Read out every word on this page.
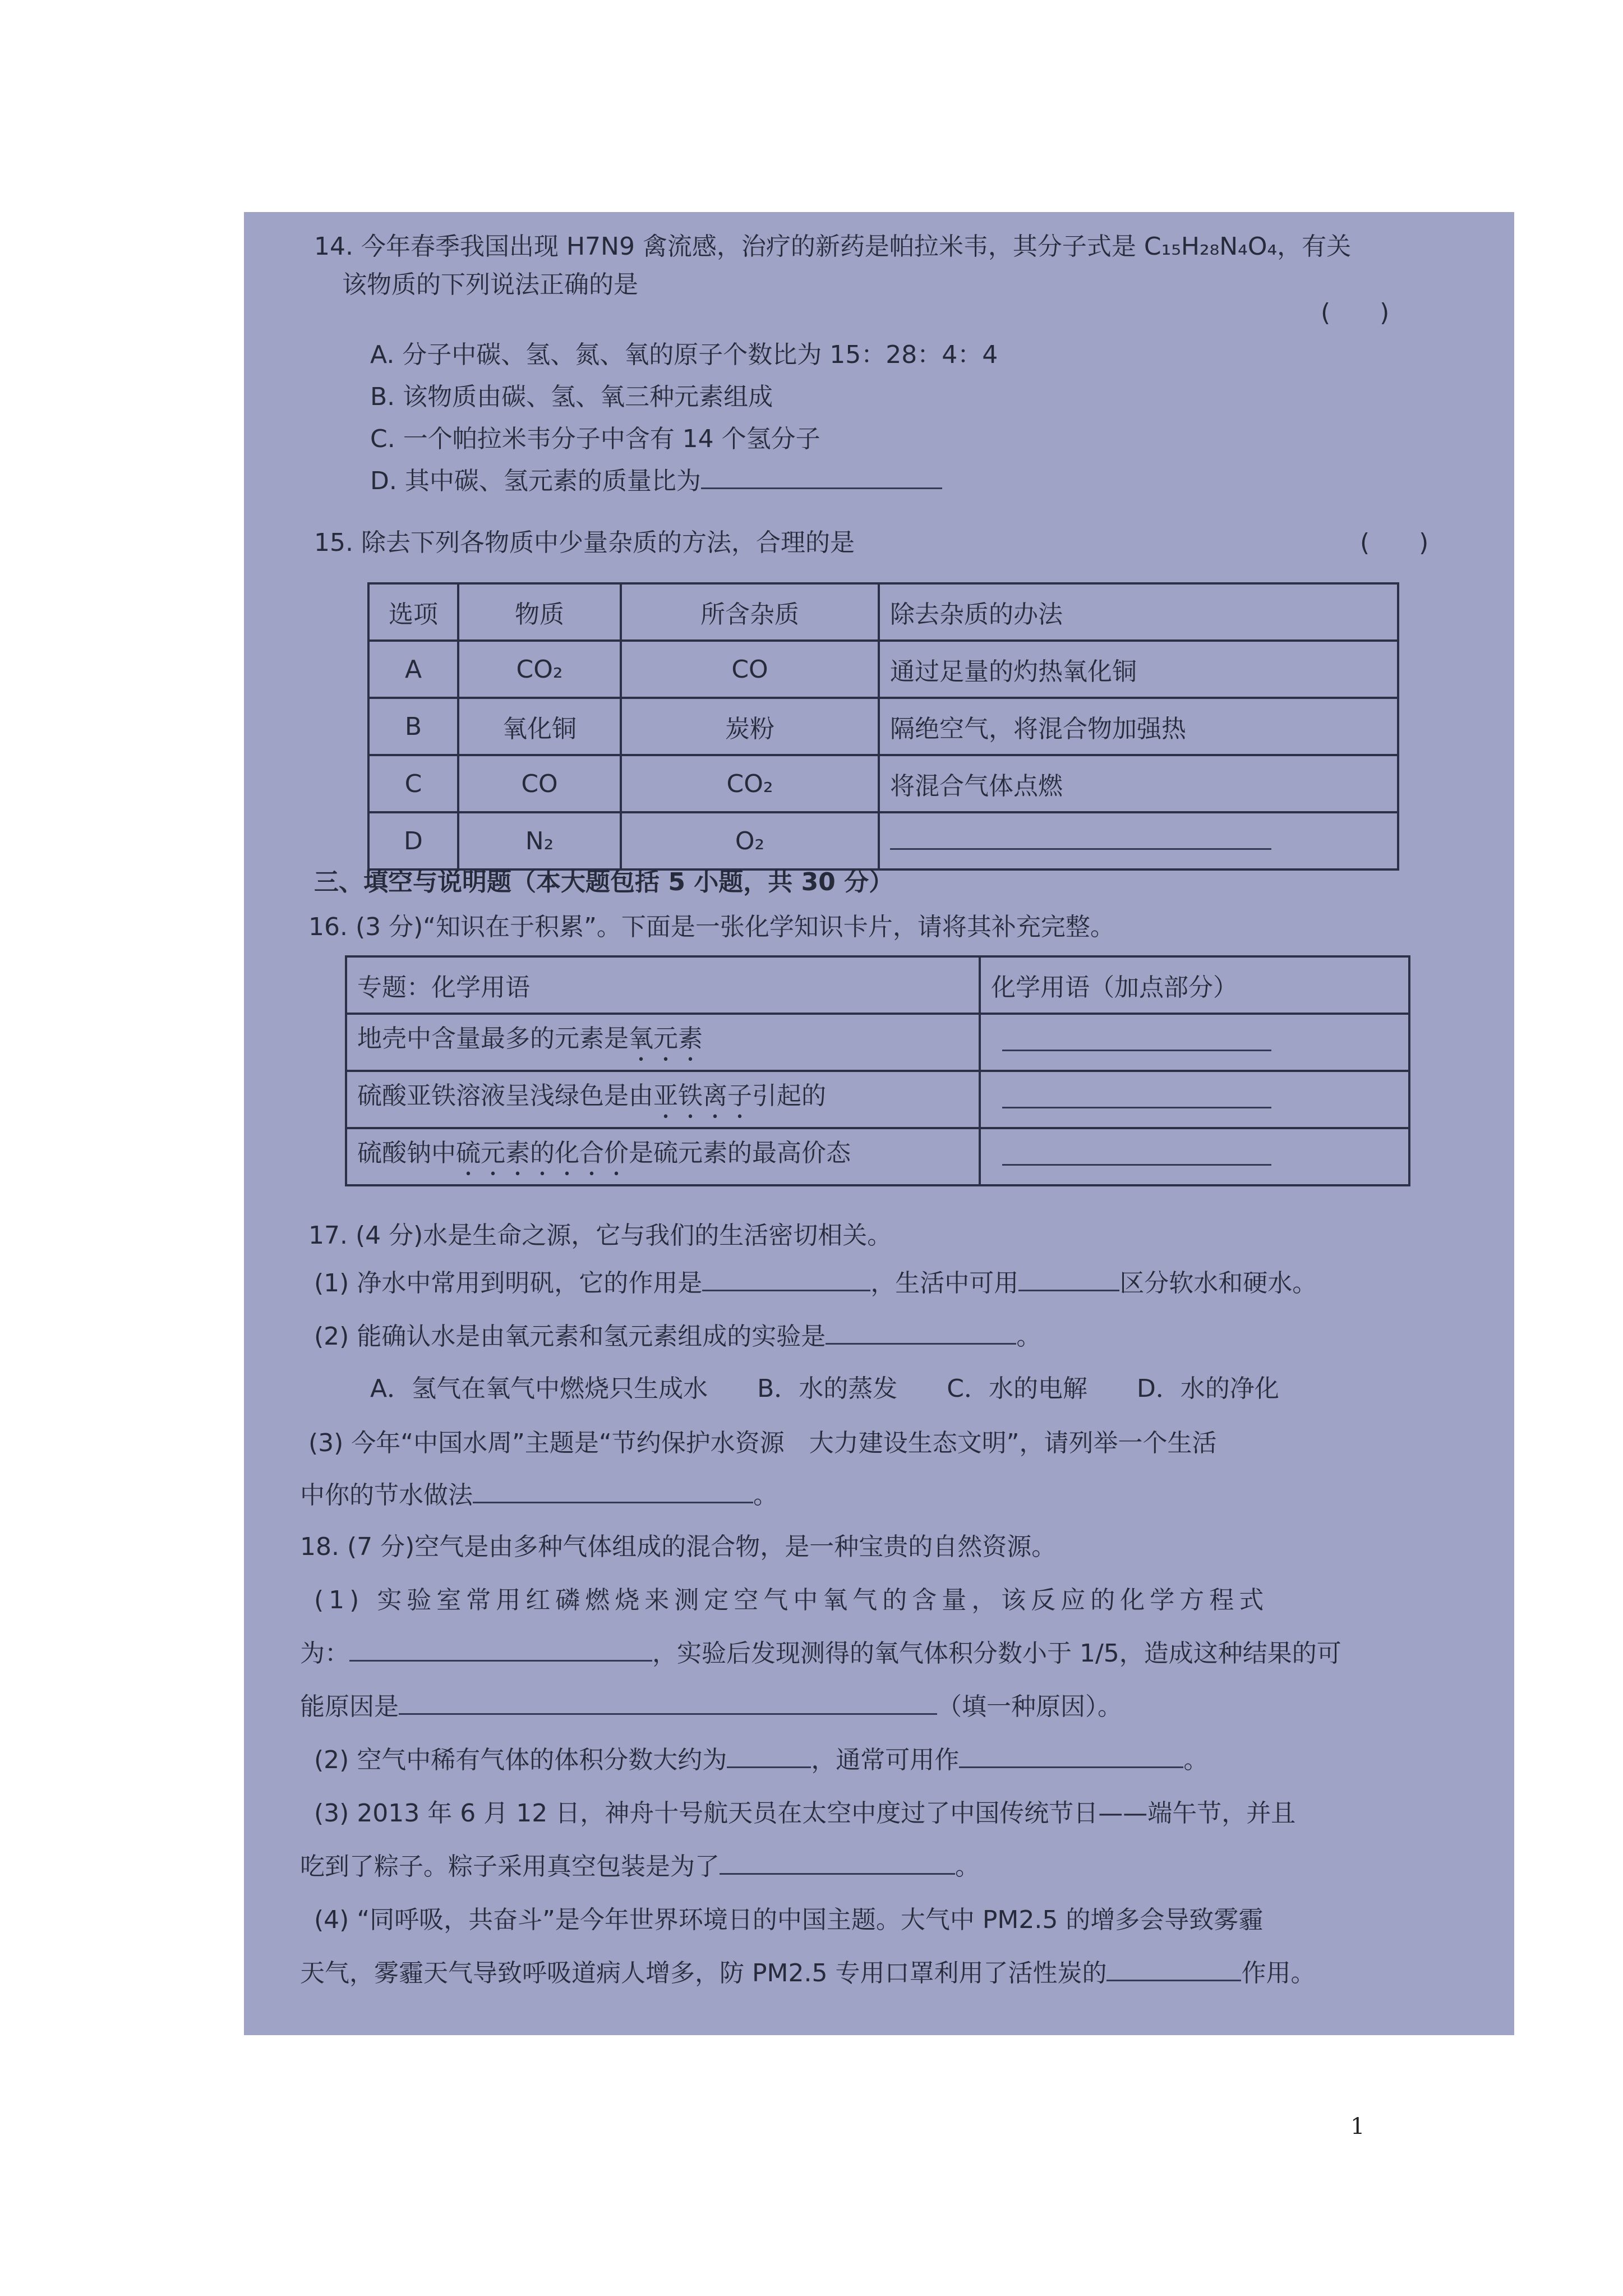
14. 今年春季我国出现 H7N9 禽流感，治疗的新药是帕拉米韦，其分子式是 C₁₅H₂₈N₄O₄，有关
该物质的下列说法正确的是
(　　)
A. 分子中碳、氢、氮、氧的原子个数比为 15：28：4：4
B. 该物质由碳、氢、氧三种元素组成
C. 一个帕拉米韦分子中含有 14 个氢分子
D. 其中碳、氢元素的质量比为
15. 除去下列各物质中少量杂质的方法，合理的是	(　　)
选项	物质	所含杂质	除去杂质的办法
A	CO₂	CO	通过足量的灼热氧化铜
B	氧化铜	炭粉	隔绝空气，将混合物加强热
C	CO	CO₂	将混合气体点燃
D	N₂	O₂	
三、填空与说明题（本大题包括 5 小题，共 30 分）
16. (3 分)“知识在于积累”。下面是一张化学知识卡片，请将其补充完整。
专题：化学用语	化学用语（加点部分）
地壳中含量最多的元素是氧元素	
硫酸亚铁溶液呈浅绿色是由亚铁离子引起的	
硫酸钠中硫元素的化合价是硫元素的最高价态	
17. (4 分)水是生命之源，它与我们的生活密切相关。
(1) 净水中常用到明矾，它的作用是	，生活中可用	区分软水和硬水。
(2) 能确认水是由氧元素和氢元素组成的实验是	。
A．氢气在氧气中燃烧只生成水　　B．水的蒸发　　C．水的电解　　D．水的净化
(3) 今年“中国水周”主题是“节约保护水资源　大力建设生态文明”，请列举一个生活
中你的节水做法	。
18. (7 分)空气是由多种气体组成的混合物，是一种宝贵的自然资源。
(1) 实验室常用红磷燃烧来测定空气中氧气的含量，该反应的化学方程式
为：	，实验后发现测得的氧气体积分数小于 1/5，造成这种结果的可
能原因是	（填一种原因）。
(2) 空气中稀有气体的体积分数大约为	，通常可用作	。
(3) 2013 年 6 月 12 日，神舟十号航天员在太空中度过了中国传统节日——端午节，并且
吃到了粽子。粽子采用真空包装是为了	。
(4) “同呼吸，共奋斗”是今年世界环境日的中国主题。大气中 PM2.5 的增多会导致雾霾
天气，雾霾天气导致呼吸道病人增多，防 PM2.5 专用口罩利用了活性炭的	作用。
1
